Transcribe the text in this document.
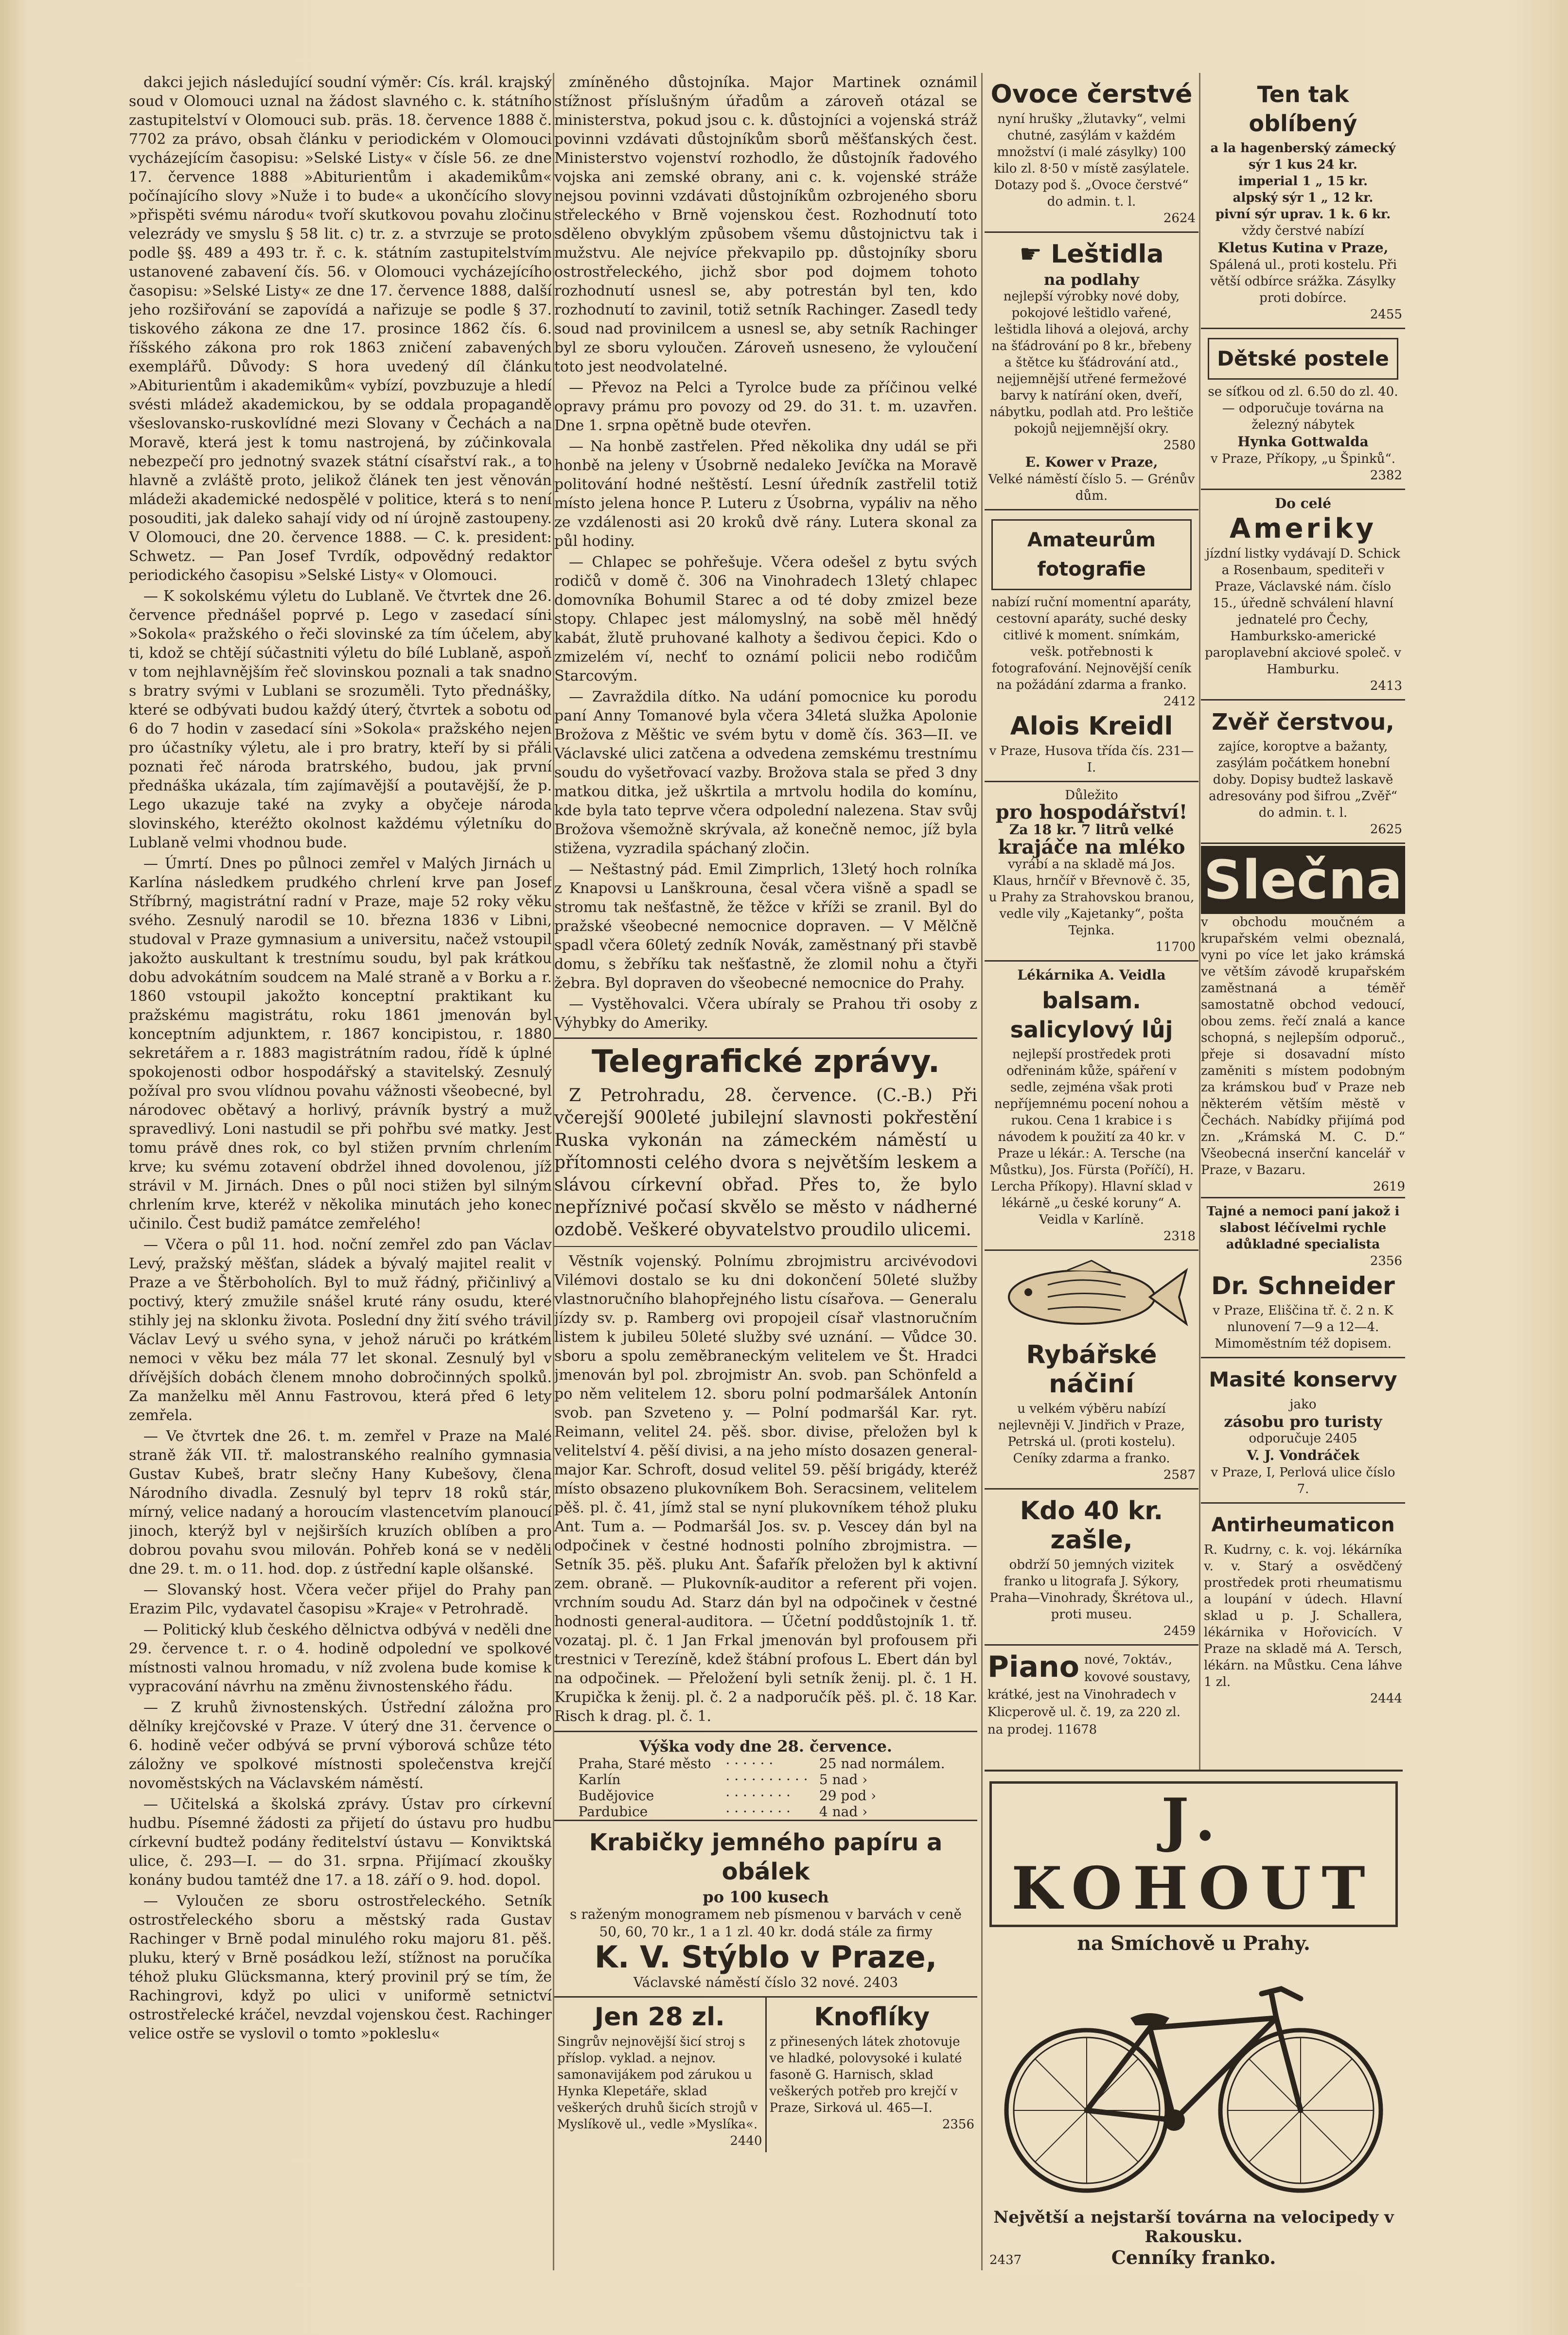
dakci jejich následující soudní výměr: Cís. král. krajský soud v Olomouci uznal na žádost slavného c. k. státního zastupitelství v Olomouci sub. präs. 18. července 1888 č. 7702 za právo, obsah článku v periodickém v Olomouci vycházejícím časopisu: »Selské Listy« v čísle 56. ze dne 17. července 1888 »Abiturientům i akademikům« počínajícího slovy »Nuže i to bude« a ukončícího slovy »přispěti svému národu« tvoří skutkovou povahu zločinu velezrády ve smyslu § 58 lit. c) tr. z. a stvrzuje se proto podle §§. 489 a 493 tr. ř. c. k. státním zastupitelstvím ustanovené zabavení čís. 56. v Olomouci vycházejícího časopisu: »Selské Listy« ze dne 17. července 1888, další jeho rozšiřování se zapovídá a nařizuje se podle § 37. tiskového zákona ze dne 17. prosince 1862 čís. 6. říšského zákona pro rok 1863 zničení zabavených exemplářů. Důvody: S hora uvedený díl článku »Abiturientům i akademikům« vybízí, povzbuzuje a hledí svésti mládež akademickou, by se oddala propagandě všeslovansko-ruskovlídné mezi Slovany v Čechách a na Moravě, která jest k tomu nastrojená, by zúčinkovala nebezpečí pro jednotný svazek státní císařství rak., a to hlavně a zvláště proto, jelikož článek ten jest věnován mládeži akademické nedospělé v politice, která s to není posouditi, jak daleko sahají vidy od ní úrojně zastoupeny. V Olomouci, dne 20. července 1888. — C. k. president: Schwetz. — Pan Josef Tvrdík, odpovědný redaktor periodického časopisu »Selské Listy« v Olomouci.

— K sokolskému výletu do Lublaně. Ve čtvrtek dne 26. července přednášel poprvé p. Lego v zasedací síni »Sokola« pražského o řeči slovinské za tím účelem, aby ti, kdož se chtějí súčastniti výletu do bílé Lublaně, aspoň v tom nejhlavnějším řeč slovinskou poznali a tak snadno s bratry svými v Lublani se srozuměli. Tyto přednášky, které se odbývati budou každý úterý, čtvrtek a sobotu od 6 do 7 hodin v zasedací síni »Sokola« pražského nejen pro účastníky výletu, ale i pro bratry, kteří by si přáli poznati řeč národa bratrského, budou, jak první přednáška ukázala, tím zajímavější a poutavější, že p. Lego ukazuje také na zvyky a obyčeje národa slovinského, kteréžto okolnost každému výletníku do Lublaně velmi vhodnou bude.

— Úmrtí. Dnes po půlnoci zemřel v Malých Jirnách u Karlína následkem prudkého chrlení krve pan Josef Stříbrný, magistrátní radní v Praze, maje 52 roky věku svého. Zesnulý narodil se 10. března 1836 v Libni, studoval v Praze gymnasium a universitu, načež vstoupil jakožto auskultant k trestnímu soudu, byl pak krátkou dobu advokátním soudcem na Malé straně a v Borku a r. 1860 vstoupil jakožto konceptní praktikant ku pražskému magistrátu, roku 1861 jmenován byl konceptním adjunktem, r. 1867 koncipistou, r. 1880 sekretářem a r. 1883 magistrátním radou, řídě k úplné spokojenosti odbor hospodářský a stavitelský. Zesnulý požíval pro svou vlídnou povahu vážnosti všeobecné, byl národovec obětavý a horlivý, právník bystrý a muž spravedlivý. Loni nastudil se při pohřbu své matky. Jest tomu právě dnes rok, co byl stižen prvním chrlením krve; ku svému zotavení obdržel ihned dovolenou, jíž strávil v M. Jirnách. Dnes o půl noci stižen byl silným chrlením krve, kteréž v několika minutách jeho konec učinilo. Čest budiž památce zemřelého!

— Včera o půl 11. hod. noční zemřel zdo pan Václav Levý, pražský měšťan, sládek a bývalý majitel realit v Praze a ve Štěrboholích. Byl to muž řádný, přičinlivý a poctivý, který zmužile snášel kruté rány osudu, které stihly jej na sklonku života. Poslední dny žití svého trávil Václav Levý u svého syna, v jehož náruči po krátkém nemoci v věku bez mála 77 let skonal. Zesnulý byl v dřívějších dobách členem mnoho dobročinných spolků. Za manželku měl Annu Fastrovou, která před 6 lety zemřela.

— Ve čtvrtek dne 26. t. m. zemřel v Praze na Malé straně žák VII. tř. malostranského realního gymnasia Gustav Kubeš, bratr slečny Hany Kubešovy, člena Národního divadla. Zesnulý byl teprv 18 roků stár, mírný, velice nadaný a horoucím vlastencetvím planoucí jinoch, kterýž byl v nejširších kruzích oblíben a pro dobrou povahu svou milován. Pohřeb koná se v neděli dne 29. t. m. o 11. hod. dop. z ústřední kaple olšanské.

— Slovanský host. Včera večer přijel do Prahy pan Erazim Pilc, vydavatel časopisu »Kraje« v Petrohradě.

— Politický klub českého dělnictva odbývá v neděli dne 29. července t. r. o 4. hodině odpolední ve spolkové místnosti valnou hromadu, v níž zvolena bude komise k vypracování návrhu na změnu živnostenského řádu.

— Z kruhů živnostenských. Ústřední záložna pro dělníky krejčovské v Praze. V úterý dne 31. července o 6. hodině večer odbývá se první výborová schůze této záložny ve spolkové místnosti společenstva krejčí novoměstských na Václavském náměstí.

— Učitelská a školská zprávy. Ústav pro církevní hudbu. Písemné žádosti za přijetí do ústavu pro hudbu církevní budtež podány ředitelství ústavu — Konviktská ulice, č. 293—I. — do 31. srpna. Přijímací zkoušky konány budou tamtéž dne 17. a 18. září o 9. hod. dopol.

— Vyloučen ze sboru ostrostřeleckého. Setník ostrostřeleckého sboru a městský rada Gustav Rachinger v Brně podal minulého roku majoru 81. pěš. pluku, který v Brně posádkou leží, stížnost na poručíka téhož pluku Glücksmanna, který provinil prý se tím, že Rachingrovi, když po ulici v uniformě setnictví ostrostřelecké kráčel, nevzdal vojenskou čest. Rachinger velice ostře se vyslovil o tomto »pokleslu«

zmíněného důstojníka. Major Martinek oznámil stížnost příslušným úřadům a zároveň otázal se ministerstva, pokud jsou c. k. důstojníci a vojenská stráž povinni vzdávati důstojníkům sborů měšťanských čest. Ministerstvo vojenství rozhodlo, že důstojník řadového vojska ani zemské obrany, ani c. k. vojenské stráže nejsou povinni vzdávati důstojníkům ozbrojeného sboru střeleckého v Brně vojenskou čest. Rozhodnutí toto sděleno obvyklým způsobem všemu důstojnictvu tak i mužstvu. Ale nejvíce překvapilo pp. důstojníky sboru ostrostřeleckého, jichž sbor pod dojmem tohoto rozhodnutí usnesl se, aby potrestán byl ten, kdo rozhodnutí to zavinil, totiž setník Rachinger. Zasedl tedy soud nad provinilcem a usnesl se, aby setník Rachinger byl ze sboru vyloučen. Zároveň usneseno, že vyloučení toto jest neodvolatelné.

— Převoz na Pelci a Tyrolce bude za příčinou velké opravy prámu pro povozy od 29. do 31. t. m. uzavřen. Dne 1. srpna opětně bude otevřen.

— Na honbě zastřelen. Před několika dny udál se při honbě na jeleny v Úsobrně nedaleko Jevíčka na Moravě politování hodné neštěstí. Lesní úředník zastřelil totiž místo jelena honce P. Luteru z Úsobrna, vypáliv na něho ze vzdálenosti asi 20 kroků dvě rány. Lutera skonal za půl hodiny.

— Chlapec se pohřešuje. Včera odešel z bytu svých rodičů v domě č. 306 na Vinohradech 13letý chlapec domovníka Bohumil Starec a od té doby zmizel beze stopy. Chlapec jest málomyslný, na sobě měl hnědý kabát, žlutě pruhované kalhoty a šedivou čepici. Kdo o zmizelém ví, nechť to oznámí policii nebo rodičům Starcovým.

— Zavraždila dítko. Na udání pomocnice ku porodu paní Anny Tomanové byla včera 34letá služka Apolonie Brožova z Měštic ve svém bytu v domě čís. 363—II. ve Václavské ulici zatčena a odvedena zemskému trestnímu soudu do vyšetřovací vazby. Brožova stala se před 3 dny matkou ditka, jež uškrtila a mrtvolu hodila do komínu, kde byla tato teprve včera odpolední nalezena. Stav svůj Brožova všemožně skrývala, až konečně nemoc, jíž byla stižena, vyzradila spáchaný zločin.

— Neštastný pád. Emil Zimprlich, 13letý hoch rolníka z Knapovsi u Lanškrouna, česal včera višně a spadl se stromu tak nešťastně, že těžce v kříži se zranil. Byl do pražské všeobecné nemocnice dopraven. — V Mělčně spadl včera 60letý zedník Novák, zaměstnaný při stavbě domu, s žebříku tak nešťastně, že zlomil nohu a čtyři žebra. Byl dopraven do všeobecné nemocnice do Prahy.

— Vystěhovalci. Včera ubíraly se Prahou tři osoby z Výhybky do Ameriky.

Telegrafické zprávy.

Z Petrohradu, 28. července. (C.-B.) Při včerejší 900leté jubilejní slavnosti pokřestění Ruska vykonán na zámeckém náměstí u přítomnosti celého dvora s největším leskem a slávou církevní obřad. Přes to, že bylo nepříznivé počasí skvělo se město v nádherné ozdobě. Veškeré obyvatelstvo proudilo ulicemi.

Věstník vojenský. Polnímu zbrojmistru arcivévodovi Vilémovi dostalo se ku dni dokončení 50leté služby vlastnoručního blahopřejného listu císařova. — Generalu jízdy sv. p. Ramberg ovi propojeil císař vlastnoručním listem k jubileu 50leté služby své uznání. — Vůdce 30. sboru a spolu zeměbraneckým velitelem ve Št. Hradci jmenován byl pol. zbrojmistr An. svob. pan Schönfeld a po něm velitelem 12. sboru polní podmaršálek Antonín svob. pan Szveteno y. — Polní podmaršál Kar. ryt. Reimann, velitel 24. pěš. sbor. divise, přeložen byl k velitelství 4. pěší divisi, a na jeho místo dosazen general-major Kar. Schroft, dosud velitel 59. pěší brigády, kteréž místo obsazeno plukovníkem Boh. Seracsinem, velitelem pěš. pl. č. 41, jímž stal se nyní plukovníkem téhož pluku Ant. Tum a. — Podmaršál Jos. sv. p. Vescey dán byl na odpočinek v čestné hodnosti polního zbrojmistra. — Setník 35. pěš. pluku Ant. Šafařík přeložen byl k aktivní zem. obraně. — Plukovník-auditor a referent při vojen. vrchním soudu Ad. Starz dán byl na odpočinek v čestné hodnosti general-auditora. — Účetní poddůstojník 1. tř. vozataj. pl. č. 1 Jan Frkal jmenován byl profousem při trestnici v Terezíně, kdež štábní profous L. Ebert dán byl na odpočinek. — Přeložení byli setník ženij. pl. č. 1 H. Krupička k ženij. pl. č. 2 a nadporučík pěš. pl. č. 18 Kar. Risch k drag. pl. č. 1.

Výška vody dne 28. července.
Praha, Staré město	· · · · · ·	25 nad normálem.
Karlín	· · · · · · · · · ·	5 nad ›
Budějovice	· · · · · · · ·	29 pod ›
Pardubice	· · · · · · · ·	4 nad ›
Krabičky jemného papíru a obálek
po 100 kusech
s raženým monogramem neb písmenou v barvách v ceně 50, 60, 70 kr., 1 a 1 zl. 40 kr. dodá stále za firmy
K. V. Stýblo v Praze,
Václavské náměstí číslo 32 nové. 2403
Jen 28 zl.
Singrův nejnovější šicí stroj s příslop. vyklad. a nejnov. samonavijákem pod zárukou u Hynka Klepetáře, sklad veškerých druhů šicích strojů v Myslíkově ul., vedle »Myslíka«.
2440
Knoflíky
z přinesených látek zhotovuje ve hladké, polovysoké i kulaté fasoně G. Harnisch, sklad veškerých potřeb pro krejčí v Praze, Sirková ul. 465—I.
2356
Ovoce čerstvé
nyní hrušky „žlutavky“, velmi chutné, zasýlám v každém množství (i malé zásylky) 100 kilo zl. 8·50 v místě zasýlatele. Dotazy pod š. „Ovoce čerstvé“ do admin. t. l.
2624
☛ Leštidla
na podlahy
nejlepší výrobky nové doby, pokojové leštidlo vařené, leštidla lihová a olejová, archy na šťádrování po 8 kr., břebeny a štětce ku šťádrování atd., nejjemnější utřené fermežové barvy k natírání oken, dveří, nábytku, podlah atd. Pro leštiče pokojů nejjemnější okry.
2580
E. Kower v Praze,
Velké náměstí číslo 5. — Grénův dům.
Amateurům fotografie
nabízí ruční momentní aparáty, cestovní aparáty, suché desky citlivé k moment. snímkám, vešk. potřebnosti k fotografování. Nejnovější ceník na požádání zdarma a franko.
2412
Alois Kreidl
v Praze, Husova třída čís. 231—I.
Důležito
pro hospodářství!
Za 18 kr. 7 litrů velké
krajáče na mléko
vyrábí a na skladě má Jos. Klaus, hrnčíř v Břevnově č. 35, u Prahy za Strahovskou branou, vedle vily „Kajetanky“, pošta Tejnka.
11700
Lékárnika A. Veidla
balsam. salicylový lůj
nejlepší prostředek proti odřeninám kůže, spáření v sedle, zejména však proti nepříjemnému pocení nohou a rukou. Cena 1 krabice i s návodem k použití za 40 kr. v Praze u lékár.: A. Tersche (na Můstku), Jos. Fürsta (Poříčí), H. Lercha Příkopy). Hlavní sklad v lékárně „u české koruny“ A. Veidla v Karlíně.
2318
Rybářské náčiní
u velkém výběru nabízí nejlevněji V. Jindřich v Praze, Petrská ul. (proti kostelu). Ceníky zdarma a franko.
2587
Kdo 40 kr. zašle,
obdrží 50 jemných vizitek franko u litografa J. Sýkory, Praha—Vinohrady, Škrétova ul., proti museu.
2459
Piano nové, 7oktáv., kovové soustavy, krátké, jest na Vinohradech v Klicperově ul. č. 19, za 220 zl. na prodej. 11678
Ten tak oblíbený
a la hagenberský zámecký sýr 1 kus 24 kr.
imperial 1 „ 15 kr.
alpský sýr 1 „ 12 kr.
pivní sýr uprav. 1 k. 6 kr.
vždy čerstvé nabízí
Kletus Kutina v Praze,
Spálená ul., proti kostelu. Při větší odbírce srážka. Zásylky proti dobírce.
2455
Dětské postele
se síťkou od zl. 6.50 do zl. 40.— odporučuje továrna na železný nábytek
Hynka Gottwalda
v Praze, Příkopy, „u Špinků“.
2382
Do celé
Ameriky
jízdní listky vydávají D. Schick a Rosenbaum, spediteři v Praze, Václavské nám. číslo 15., úředně schválení hlavní jednatelé pro Čechy, Hamburksko-americké paroplavební akciové společ. v Hamburku.
2413
Zvěř čerstvou,
zajíce, koroptve a bažanty, zasýlám počátkem honební doby. Dopisy budtež laskavě adresovány pod šifrou „Zvěř“ do admin. t. l.
2625
Slečna
v obchodu moučném a krupařském velmi obeznalá, vyni po více let jako krámská ve větším závodě krupařském zaměstnaná a téměř samostatně obchod vedoucí, obou zems. řečí znalá a kance schopná, s nejlepším odporuč., přeje si dosavadní místo zaměniti s místem podobným za krámskou buď v Praze neb některém větším městě v Čechách. Nabídky přijímá pod zn. „Krámská M. C. D.“ Všeobecná inserční kancelář v Praze, v Bazaru.
2619
Tajné a nemoci paní jakož i slabost léčívelmi rychle adůkladné specialista
2356
Dr. Schneider
v Praze, Eliščina tř. č. 2 n. K nlunovení 7—9 a 12—4. Mimoměstním též dopisem.
Masité konservy
jako
zásobu pro turisty
odporučuje 2405
V. J. Vondráček
v Praze, I, Perlová ulice číslo 7.
Antirheumaticon
R. Kudrny, c. k. voj. lékárníka v. v. Starý a osvědčený prostředek proti rheumatismu a loupání v údech. Hlavní sklad u p. J. Schallera, lékárnika v Hořovicích. V Praze na skladě má A. Tersch, lékárn. na Můstku. Cena láhve 1 zl.
2444
J. KOHOUT
na Smíchově u Prahy.
Největší a nejstarší továrna na velocipedy v Rakousku.
Cenníky franko.
2437
